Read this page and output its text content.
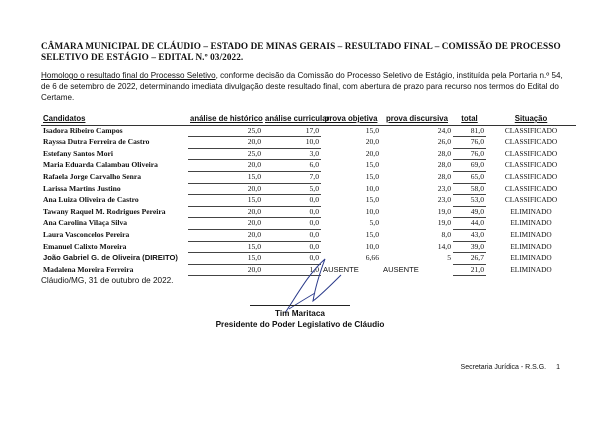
CÂMARA MUNICIPAL DE CLÁUDIO – ESTADO DE MINAS GERAIS – RESULTADO FINAL – COMISSÃO DE PROCESSO SELETIVO DE ESTÁGIO – EDITAL N.º 03/2022.
Homologo o resultado final do Processo Seletivo, conforme decisão da Comissão do Processo Seletivo de Estágio, instituída pela Portaria n.º 54, de 6 de setembro de 2022, determinando imediata divulgação deste resultado final, com abertura de prazo para recurso nos termos do Edital do Certame.
Candidatos	análise de histórico	análise curricular	prova objetiva	prova discursiva	total	Situação
Isadora Ribeiro Campos	25,0	17,0	15,0	24,0	81,0	CLASSIFICADO
Rayssa Dutra Ferreira de Castro	20,0	10,0	20,0	26,0	76,0	CLASSIFICADO
Estefany Santos Mori	25,0	3,0	20,0	28,0	76,0	CLASSIFICADO
Maria Eduarda Calambau Oliveira	20,0	6,0	15,0	28,0	69,0	CLASSIFICADO
Rafaela Jorge Carvalho Senra	15,0	7,0	15,0	28,0	65,0	CLASSIFICADO
Larissa Martins Justino	20,0	5,0	10,0	23,0	58,0	CLASSIFICADO
Ana Luiza Oliveira de Castro	15,0	0,0	15,0	23,0	53,0	CLASSIFICADO
Tawany Raquel M. Rodrigues Pereira	20,0	0,0	10,0	19,0	49,0	ELIMINADO
Ana Carolina Vilaça Silva	20,0	0,0	5,0	19,0	44,0	ELIMINADO
Laura Vasconcelos Pereira	20,0	0,0	15,0	8,0	43,0	ELIMINADO
Emanuel Calixto Moreira	15,0	0,0	10,0	14,0	39,0	ELIMINADO
João Gabriel G. de Oliveira (DIREITO)	15,0	0,0	6,66	5	26,7	ELIMINADO
Madalena Moreira Ferreira	20,0	1,0	AUSENTE	AUSENTE	21,0	ELIMINADO
Cláudio/MG, 31 de outubro de 2022.
Tim Maritaca
Presidente do Poder Legislativo de Cláudio
Secretaria Jurídica - R.S.G. 1
